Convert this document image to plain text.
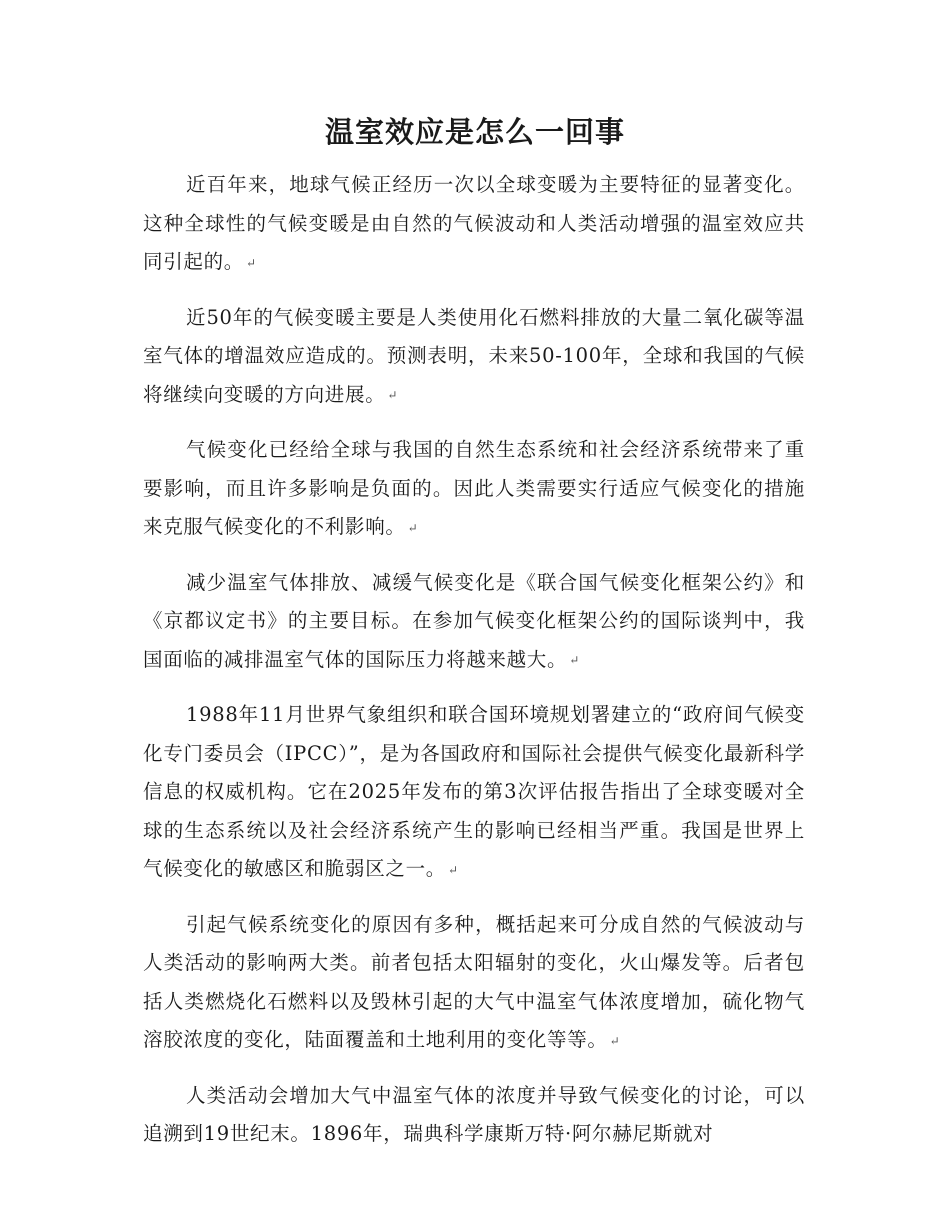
温室效应是怎么一回事

近百年来，地球气候正经历一次以全球变暖为主要特征的显著变化。这种全球性的气候变暖是由自然的气候波动和人类活动增强的温室效应共同引起的。 ↵

近50年的气候变暖主要是人类使用化石燃料排放的大量二氧化碳等温室气体的增温效应造成的。预测表明，未来50-100年，全球和我国的气候将继续向变暖的方向进展。 ↵

气候变化已经给全球与我国的自然生态系统和社会经济系统带来了重要影响，而且许多影响是负面的。因此人类需要实行适应气候变化的措施来克服气候变化的不利影响。 ↵

减少温室气体排放、减缓气候变化是《联合国气候变化框架公约》和《京都议定书》的主要目标。在参加气候变化框架公约的国际谈判中，我国面临的减排温室气体的国际压力将越来越大。 ↵

1988年11月世界气象组织和联合国环境规划署建立的“政府间气候变化专门委员会（IPCC）”，是为各国政府和国际社会提供气候变化最新科学信息的权威机构。它在2025年发布的第3次评估报告指出了全球变暖对全球的生态系统以及社会经济系统产生的影响已经相当严重。我国是世界上气候变化的敏感区和脆弱区之一。 ↵

引起气候系统变化的原因有多种，概括起来可分成自然的气候波动与人类活动的影响两大类。前者包括太阳辐射的变化，火山爆发等。后者包括人类燃烧化石燃料以及毁林引起的大气中温室气体浓度增加，硫化物气溶胶浓度的变化，陆面覆盖和土地利用的变化等等。 ↵

人类活动会增加大气中温室气体的浓度并导致气候变化的讨论，可以追溯到19世纪末。1896年，瑞典科学康斯万特·阿尔赫尼斯就对
